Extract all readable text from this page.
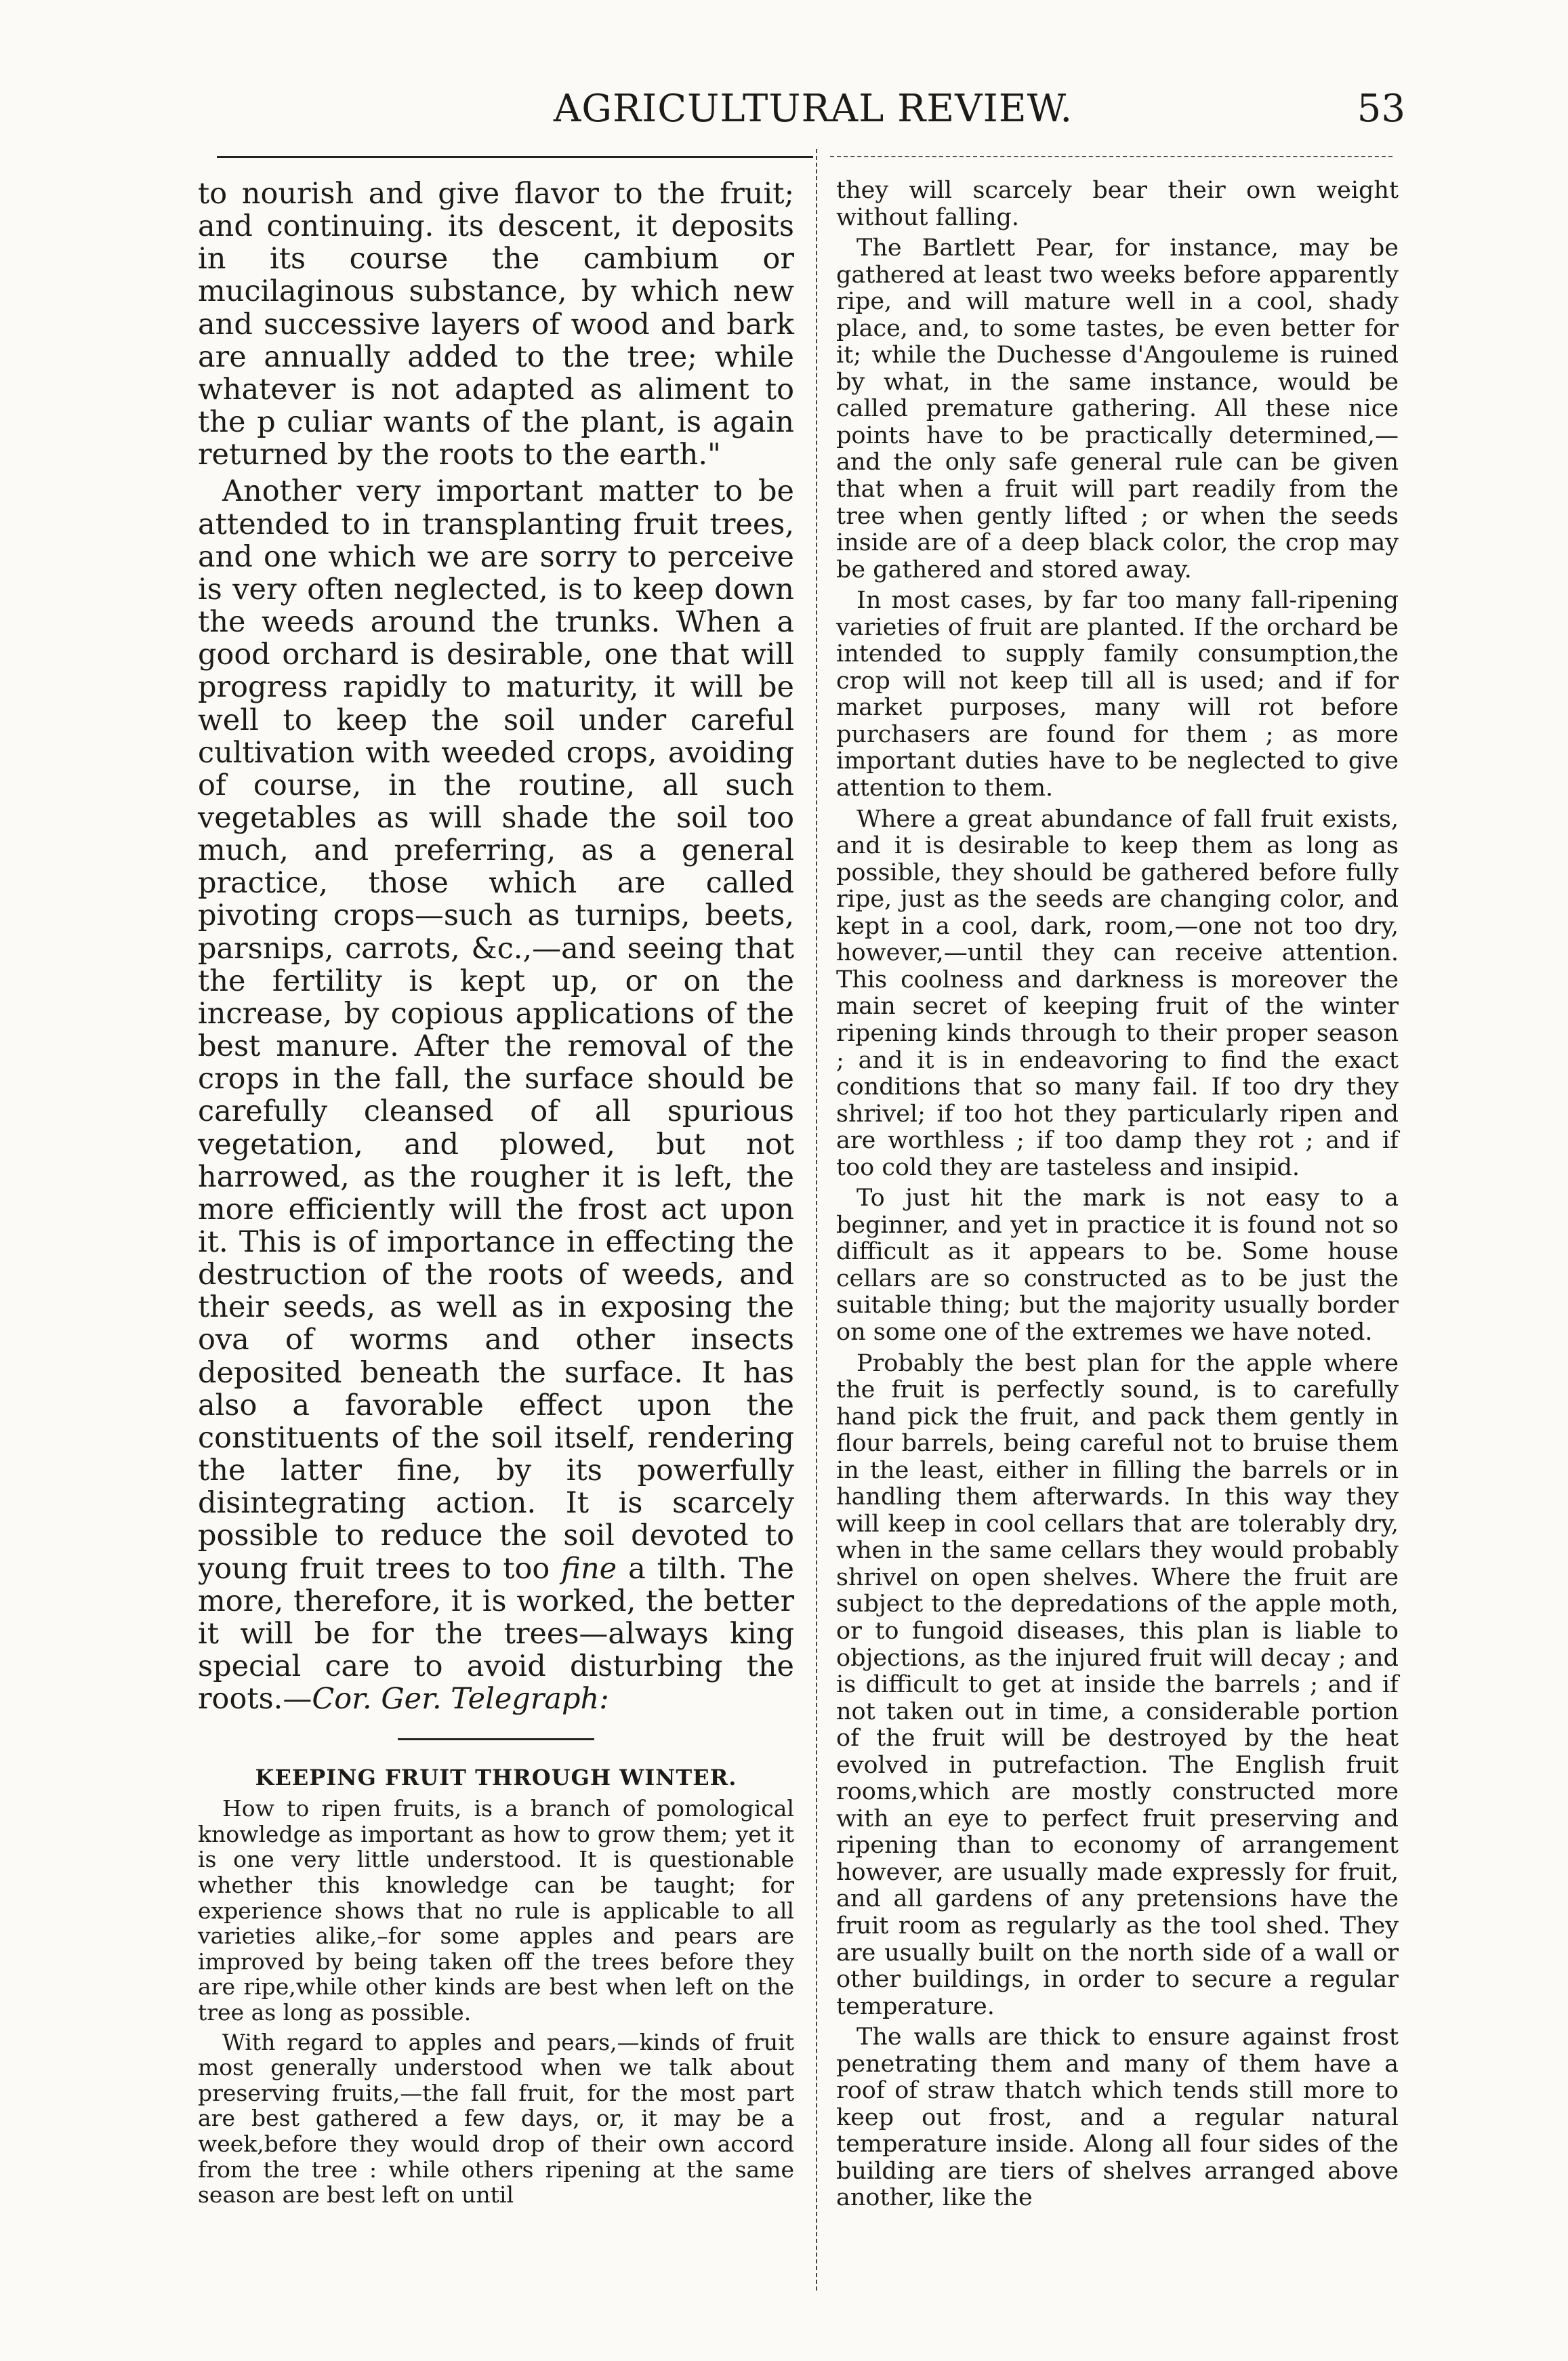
AGRICULTURAL REVIEW.	53

to nourish and give flavor to the fruit; and continuing. its descent, it deposits in its course the cambium or mucilaginous substance, by which new and successive layers of wood and bark are annually added to the tree; while whatever is not adapted as aliment to the p culiar wants of the plant, is again returned by the roots to the earth."

Another very important matter to be attended to in transplanting fruit trees, and one which we are sorry to perceive is very often neglected, is to keep down the weeds around the trunks. When a good orchard is desirable, one that will progress rapidly to maturity, it will be well to keep the soil under careful cultivation with weeded crops, avoiding of course, in the routine, all such vegetables as will shade the soil too much, and preferring, as a general practice, those which are called pivoting crops—such as turnips, beets, parsnips, carrots, &c.,—and seeing that the fertility is kept up, or on the increase, by copious applications of the best manure. After the removal of the crops in the fall, the surface should be carefully cleansed of all spurious vegetation, and plowed, but not harrowed, as the rougher it is left, the more efficiently will the frost act upon it. This is of importance in effecting the destruction of the roots of weeds, and their seeds, as well as in exposing the ova of worms and other insects deposited beneath the surface. It has also a favorable effect upon the constituents of the soil itself, rendering the latter fine, by its powerfully disintegrating action. It is scarcely possible to reduce the soil devoted to young fruit trees to too fine a tilth. The more, therefore, it is worked, the better it will be for the trees—always king special care to avoid disturbing the roots.—Cor. Ger. Telegraph:

KEEPING FRUIT THROUGH WINTER.

How to ripen fruits, is a branch of pomological knowledge as important as how to grow them; yet it is one very little understood. It is questionable whether this knowledge can be taught; for experience shows that no rule is applicable to all varieties alike,–for some apples and pears are improved by being taken off the trees before they are ripe,while other kinds are best when left on the tree as long as possible.

With regard to apples and pears,—kinds of fruit most generally understood when we talk about preserving fruits,—the fall fruit, for the most part are best gathered a few days, or, it may be a week,before they would drop of their own accord from the tree : while others ripening at the same season are best left on until

they will scarcely bear their own weight without falling.

The Bartlett Pear, for instance, may be gathered at least two weeks before apparently ripe, and will mature well in a cool, shady place, and, to some tastes, be even better for it; while the Duchesse d'Angouleme is ruined by what, in the same instance, would be called premature gathering. All these nice points have to be practically determined,—and the only safe general rule can be given that when a fruit will part readily from the tree when gently lifted ; or when the seeds inside are of a deep black color, the crop may be gathered and stored away.

In most cases, by far too many fall-ripening varieties of fruit are planted. If the orchard be intended to supply family consumption,the crop will not keep till all is used; and if for market purposes, many will rot before purchasers are found for them ; as more important duties have to be neglected to give attention to them.

Where a great abundance of fall fruit exists, and it is desirable to keep them as long as possible, they should be gathered before fully ripe, just as the seeds are changing color, and kept in a cool, dark, room,—one not too dry, however,—until they can receive attention. This coolness and darkness is moreover the main secret of keeping fruit of the winter ripening kinds through to their proper season ; and it is in endeavoring to find the exact conditions that so many fail. If too dry they shrivel; if too hot they particularly ripen and are worthless ; if too damp they rot ; and if too cold they are tasteless and insipid.

To just hit the mark is not easy to a beginner, and yet in practice it is found not so difficult as it appears to be. Some house cellars are so constructed as to be just the suitable thing; but the majority usually border on some one of the extremes we have noted.

Probably the best plan for the apple where the fruit is perfectly sound, is to carefully hand pick the fruit, and pack them gently in flour barrels, being careful not to bruise them in the least, either in filling the barrels or in handling them afterwards. In this way they will keep in cool cellars that are tolerably dry, when in the same cellars they would probably shrivel on open shelves. Where the fruit are subject to the depredations of the apple moth, or to fungoid diseases, this plan is liable to objections, as the injured fruit will decay ; and is difficult to get at inside the barrels ; and if not taken out in time, a considerable portion of the fruit will be destroyed by the heat evolved in putrefaction. The English fruit rooms,which are mostly constructed more with an eye to perfect fruit preserving and ripening than to economy of arrangement however, are usually made expressly for fruit, and all gardens of any pretensions have the fruit room as regularly as the tool shed. They are usually built on the north side of a wall or other buildings, in order to secure a regular temperature.

The walls are thick to ensure against frost penetrating them and many of them have a roof of straw thatch which tends still more to keep out frost, and a regular natural temperature inside. Along all four sides of the building are tiers of shelves arranged above another, like the
